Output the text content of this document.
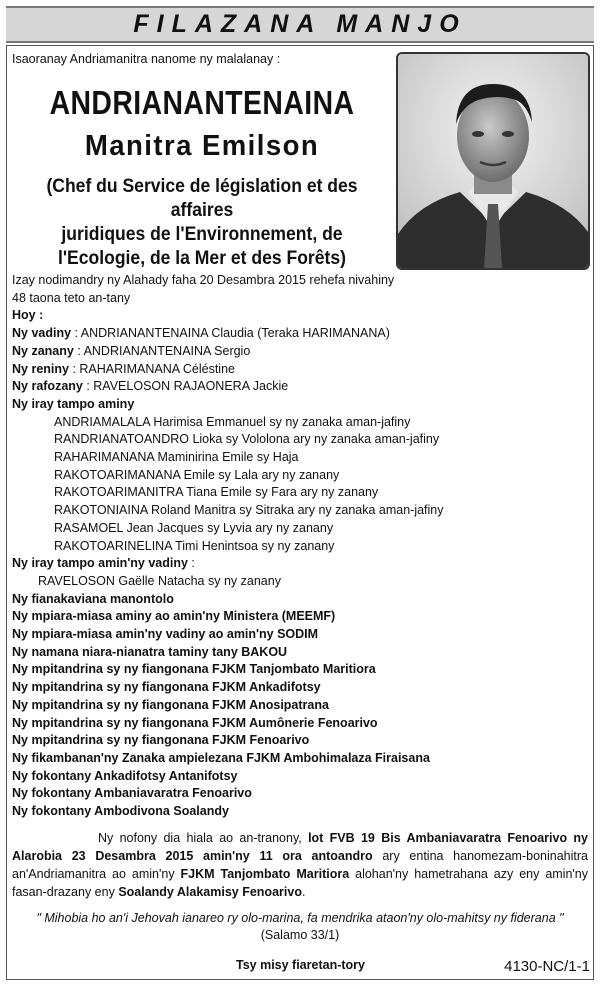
FILAZANA MANJO
Isaoranay Andriamanitra nanome ny malalanay :
ANDRIANANTENAINA
Manitra Emilson
(Chef du Service de législation et des affaires
juridiques de l'Environnement, de
l'Ecologie, de la Mer et des Forêts)
Izay nodimandry ny Alahady faha 20 Desambra 2015 rehefa nivahiny
48 taona teto an-tany
Hoy :
Ny vadiny : ANDRIANANTENAINA Claudia (Teraka HARIMANANA)
Ny zanany : ANDRIANANTENAINA Sergio
Ny reniny : RAHARIMANANA Céléstine
Ny rafozany : RAVELOSON RAJAONERA Jackie
Ny iray tampo aminy
ANDRIAMALALA Harimisa Emmanuel sy ny zanaka aman-jafiny
RANDRIANATOANDRO Lioka sy Vololona ary ny zanaka aman-jafiny
RAHARIMANANA Maminirina Emile sy Haja
RAKOTOARIMANANA Emile sy Lala ary ny zanany
RAKOTOARIMANITRA Tiana Emile sy Fara ary ny zanany
RAKOTONIAINA Roland Manitra sy Sitraka ary ny zanaka aman-jafiny
RASAMOEL Jean Jacques sy Lyvia ary ny zanany
RAKOTOARINELINA Timi Henintsoa sy ny zanany
Ny iray tampo amin'ny vadiny :
RAVELOSON Gaëlle Natacha sy ny zanany
Ny fianakaviana manontolo
Ny mpiara-miasa aminy ao amin'ny Ministera (MEEMF)
Ny mpiara-miasa amin'ny vadiny ao amin'ny SODIM
Ny namana niara-nianatra taminy tany BAKOU
Ny mpitandrina sy ny fiangonana FJKM Tanjombato Maritiora
Ny mpitandrina sy ny fiangonana FJKM Ankadifotsy
Ny mpitandrina sy ny fiangonana FJKM Anosipatrana
Ny mpitandrina sy ny fiangonana FJKM Aumônerie Fenoarivo
Ny mpitandrina sy ny fiangonana FJKM Fenoarivo
Ny fikambanan'ny Zanaka ampielezana FJKM Ambohimalaza Firaisana
Ny fokontany Ankadifotsy Antanifotsy
Ny fokontany Ambaniavaratra Fenoarivo
Ny fokontany Ambodivona Soalandy
Ny nofony dia hiala ao an-tranony, lot FVB 19 Bis Ambaniavaratra Fenoarivo ny Alarobia 23 Desambra 2015 amin'ny 11 ora antoandro ary entina hanomezam-boninahitra an'Andriamanitra ao amin'ny FJKM Tanjombato Maritiora alohan'ny hametrahana azy eny amin'ny fasan-drazany eny Soalandy Alakamisy Fenoarivo.
" Mihobia ho an'i Jehovah ianareo ry olo-marina, fa mendrika ataon'ny olo-mahitsy ny fiderana "
(Salamo 33/1)
Tsy misy fiaretan-tory	4130-NC/1-1
